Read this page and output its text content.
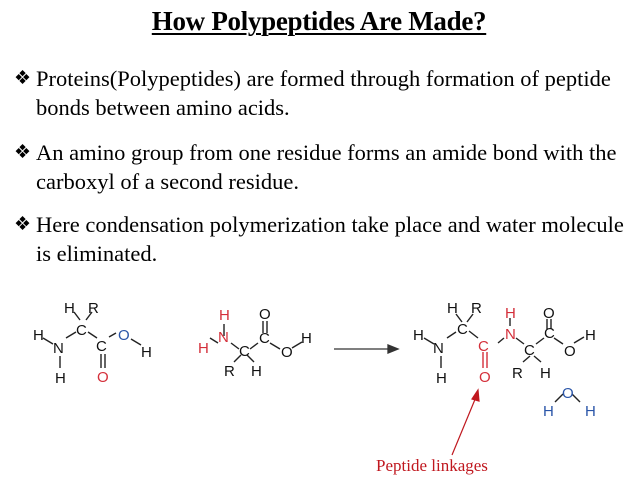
How Polypeptides Are Made?
❖ Proteins(Polypeptides) are formed through formation of peptide bonds between amino acids.
❖ An amino group from one residue forms an amide bond with the carboxyl of a second residue.
❖ Here condensation polymerization take place and water molecule is eliminated.
H
N
H
C
H R
C H
O
O
H
H
N
C
R H
C
O
O
H	H
N
H
C
H R
C
R H
C
O
O
H
C
O
N
H
H
O
H
Peptide linkages
